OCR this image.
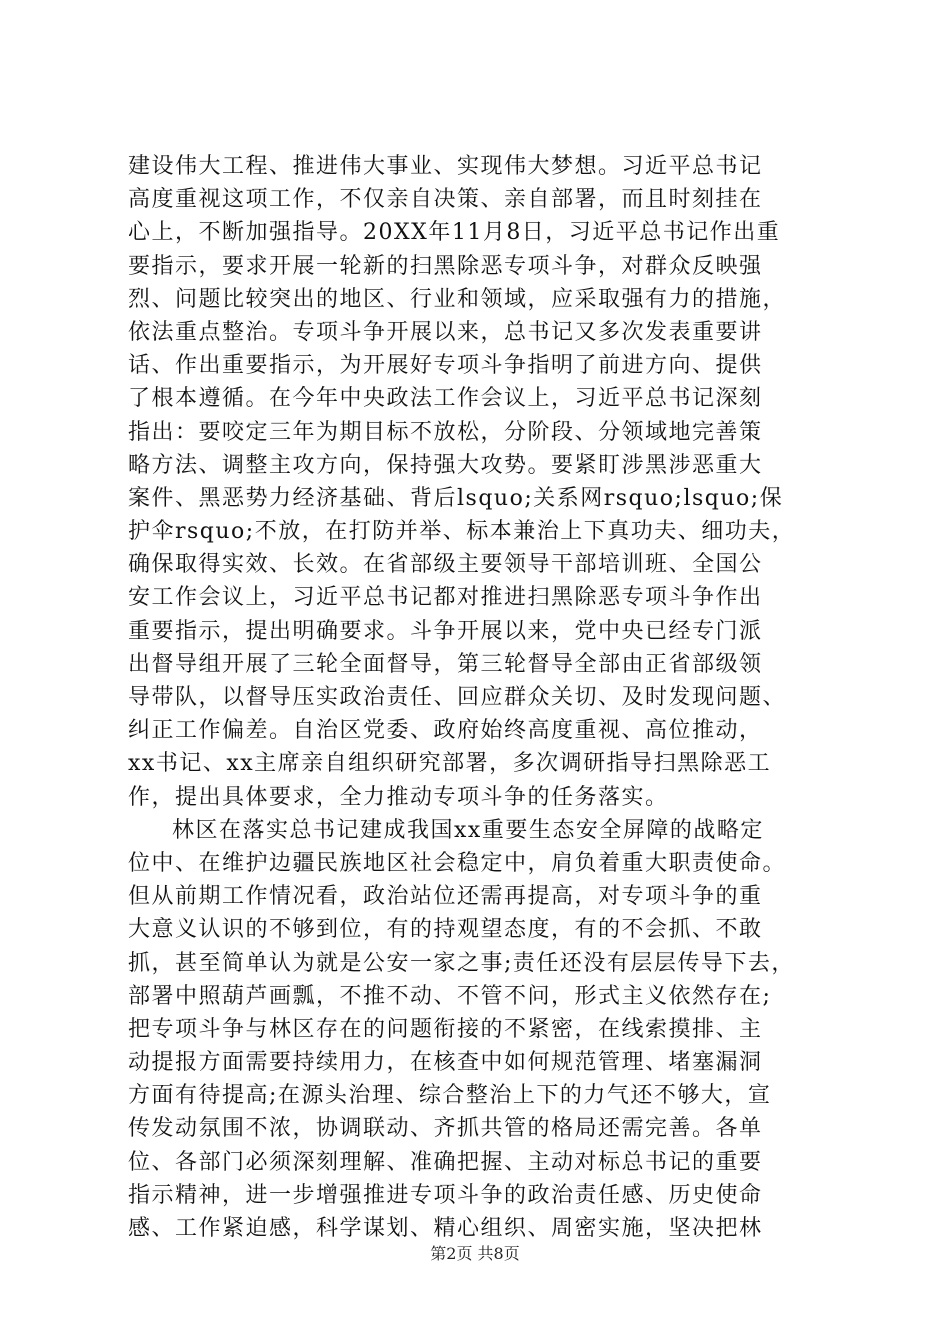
建设伟大工程、推进伟大事业、实现伟大梦想。习近平总书记
高度重视这项工作，不仅亲自决策、亲自部署，而且时刻挂在
心上，不断加强指导。20XX年11月8日，习近平总书记作出重
要指示，要求开展一轮新的扫黑除恶专项斗争，对群众反映强
烈、问题比较突出的地区、行业和领域，应采取强有力的措施，
依法重点整治。专项斗争开展以来，总书记又多次发表重要讲
话、作出重要指示，为开展好专项斗争指明了前进方向、提供
了根本遵循。在今年中央政法工作会议上，习近平总书记深刻
指出：要咬定三年为期目标不放松，分阶段、分领域地完善策
略方法、调整主攻方向，保持强大攻势。要紧盯涉黑涉恶重大
案件、黑恶势力经济基础、背后lsquo;关系网rsquo;lsquo;保
护伞rsquo;不放，在打防并举、标本兼治上下真功夫、细功夫，
确保取得实效、长效。在省部级主要领导干部培训班、全国公
安工作会议上，习近平总书记都对推进扫黑除恶专项斗争作出
重要指示，提出明确要求。斗争开展以来，党中央已经专门派
出督导组开展了三轮全面督导，第三轮督导全部由正省部级领
导带队，以督导压实政治责任、回应群众关切、及时发现问题、
纠正工作偏差。自治区党委、政府始终高度重视、高位推动，
xx书记、xx主席亲自组织研究部署，多次调研指导扫黑除恶工
作，提出具体要求，全力推动专项斗争的任务落实。
林区在落实总书记建成我国xx重要生态安全屏障的战略定
位中、在维护边疆民族地区社会稳定中，肩负着重大职责使命。
但从前期工作情况看，政治站位还需再提高，对专项斗争的重
大意义认识的不够到位，有的持观望态度，有的不会抓、不敢
抓，甚至简单认为就是公安一家之事;责任还没有层层传导下去，
部署中照葫芦画瓢，不推不动、不管不问，形式主义依然存在;
把专项斗争与林区存在的问题衔接的不紧密，在线索摸排、主
动提报方面需要持续用力，在核查中如何规范管理、堵塞漏洞
方面有待提高;在源头治理、综合整治上下的力气还不够大，宣
传发动氛围不浓，协调联动、齐抓共管的格局还需完善。各单
位、各部门必须深刻理解、准确把握、主动对标总书记的重要
指示精神，进一步增强推进专项斗争的政治责任感、历史使命
感、工作紧迫感，科学谋划、精心组织、周密实施，坚决把林
第2页 共8页
